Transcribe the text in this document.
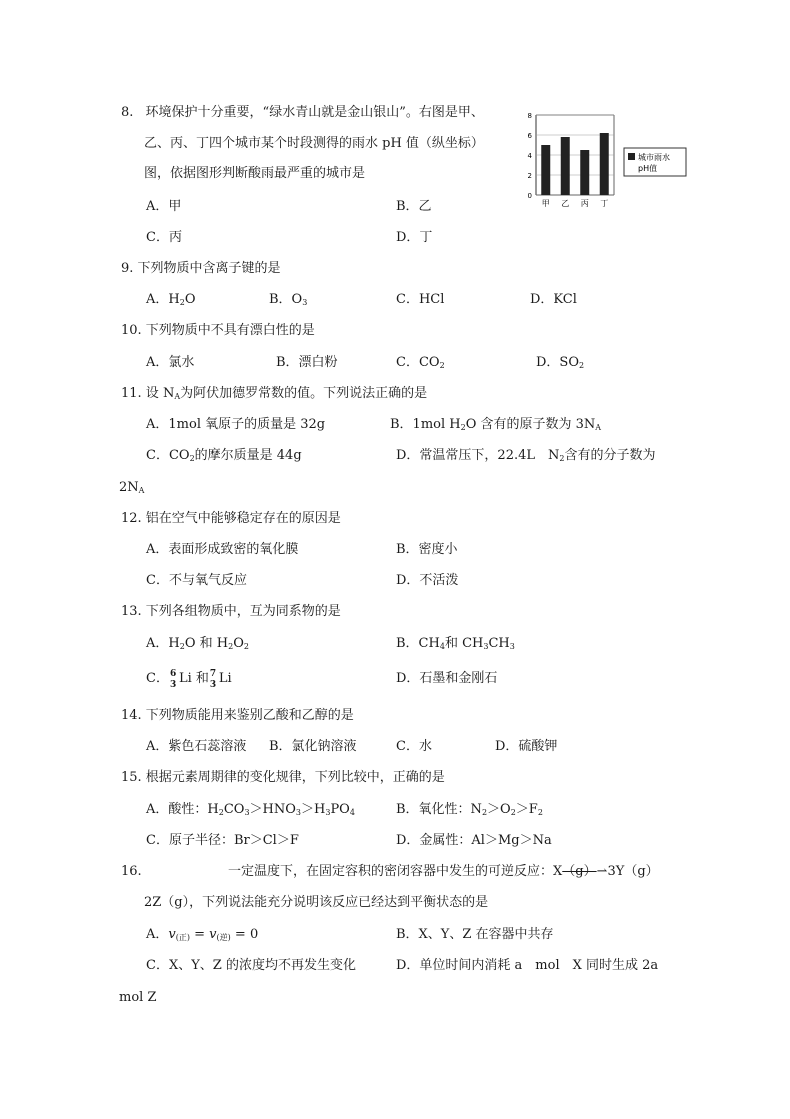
8. 环境保护十分重要，“绿水青山就是金山银山”。右图是甲、
乙、丙、丁四个城市某个时段测得的雨水 pH 值（纵坐标）
图，依据图形判断酸雨最严重的城市是
A．甲	B．乙
C．丙	D．丁
0
2
4
6
8
甲 乙 丙 丁
城市雨水
pH值
9. 下列物质中含离子键的是
A．$H_2O$	B．$O_3$	C．HCl	D．KCl
10. 下列物质中不具有漂白性的是
A．氯水	B．漂白粉	C．$CO_2$	D．$SO_2$
11. 设 $N_A$为阿伏加德罗常数的值。下列说法正确的是
A．1mol 氧原子的质量是 32g	B．1mol $H_2O$ 含有的原子数为 $3N_A$
C．$CO_2$的摩尔质量是 44g	D．常温常压下，22.4L　$N_2$含有的分子数为
$2N_A$
12. 铝在空气中能够稳定存在的原因是
A．表面形成致密的氧化膜	B．密度小
C．不与氧气反应	D．不活泼
13. 下列各组物质中，互为同系物的是
A．$H_2O$ 和 $H_2O_2$	B．$CH_4$和 $CH_3CH_3$
C． 6
3 Li 和 7
3 Li	D．石墨和金刚石
14. 下列物质能用来鉴别乙酸和乙醇的是
A．紫色石蕊溶液 B．氯化钠溶液	C．水	D．硫酸钾
15. 根据元素周期律的变化规律，下列比较中，正确的是
A．酸性：$H_2CO_3>HNO_3>H_3PO_4$	B．氧化性：$N_2>O_2>F_2$
C．原子半径：Br＞Cl＞F	D．金属性：Al＞Mg＞Na
16.	一定温度下，在固定容积的密闭容器中发生的可逆反应：X（g）⇀3Y（g）
2Z（g），下列说法能充分说明该反应已经达到平衡状态的是
A．$v_{(正)} = v_{(逆)} = 0$	B．X、Y、Z 在容器中共存
C．X、Y、Z 的浓度均不再发生变化	D．单位时间内消耗 a　mol　X 同时生成 2a
mol Z
